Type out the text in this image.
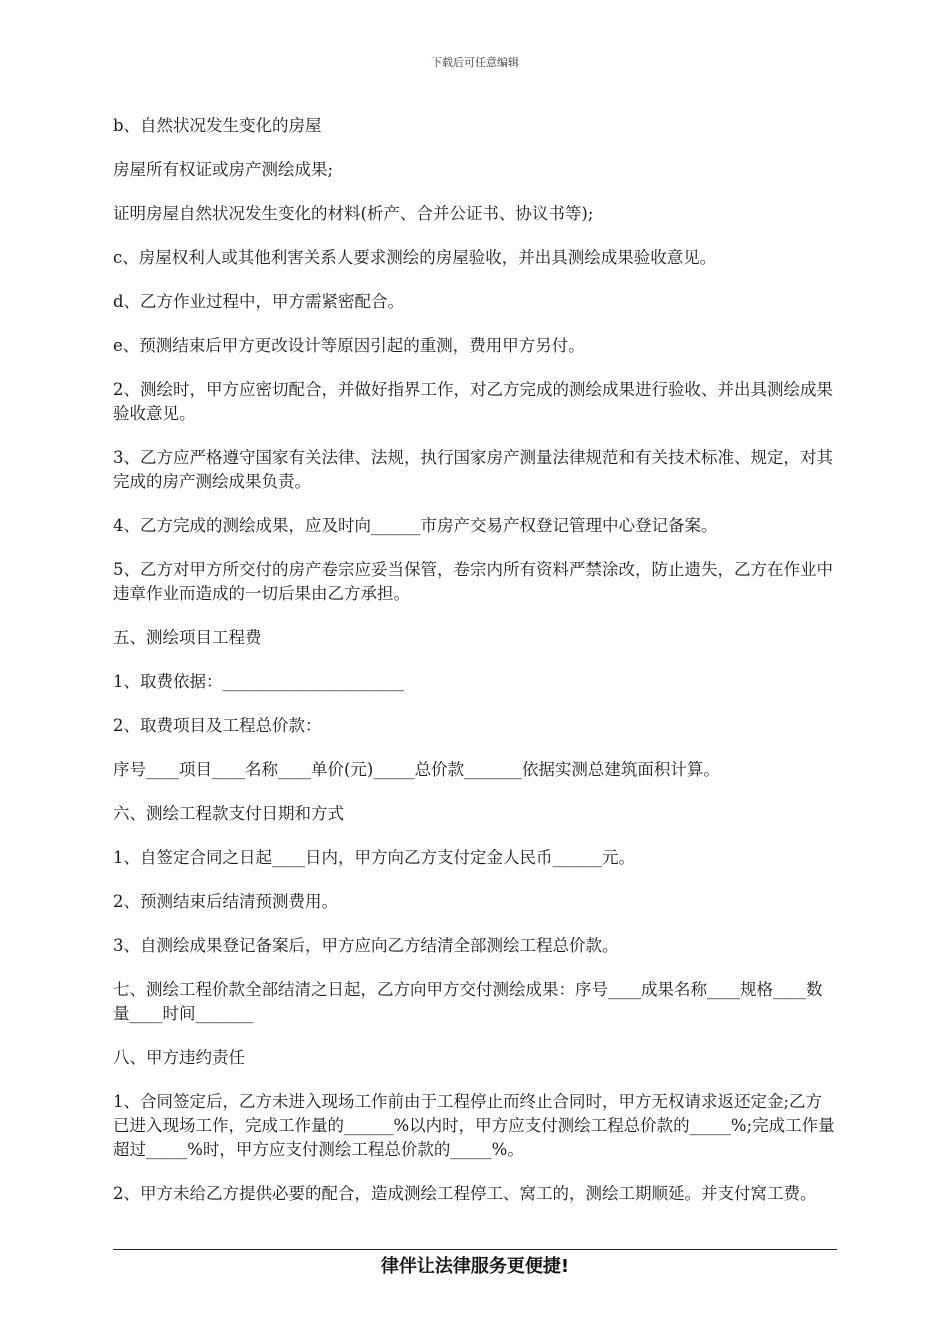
下载后可任意编辑

b、自然状况发生变化的房屋

房屋所有权证或房产测绘成果;

证明房屋自然状况发生变化的材料(析产、合并公证书、协议书等);

c、房屋权利人或其他利害关系人要求测绘的房屋验收，并出具测绘成果验收意见。

d、乙方作业过程中，甲方需紧密配合。

e、预测结束后甲方更改设计等原因引起的重测，费用甲方另付。

2、测绘时，甲方应密切配合，并做好指界工作，对乙方完成的测绘成果进行验收、并出具测绘成果验收意见。

3、乙方应严格遵守国家有关法律、法规，执行国家房产测量法律规范和有关技术标准、规定，对其完成的房产测绘成果负责。

4、乙方完成的测绘成果，应及时向______市房产交易产权登记管理中心登记备案。

5、乙方对甲方所交付的房产卷宗应妥当保管，卷宗内所有资料严禁涂改，防止遗失，乙方在作业中违章作业而造成的一切后果由乙方承担。

五、测绘项目工程费

1、取费依据：______________________

2、取费项目及工程总价款：

序号____项目____名称____单价(元)_____总价款_______依据实测总建筑面积计算。

六、测绘工程款支付日期和方式

1、自签定合同之日起____日内，甲方向乙方支付定金人民币______元。

2、预测结束后结清预测费用。

3、自测绘成果登记备案后，甲方应向乙方结清全部测绘工程总价款。

七、测绘工程价款全部结清之日起，乙方向甲方交付测绘成果：序号____成果名称____规格____数量____时间_______

八、甲方违约责任

1、合同签定后，乙方未进入现场工作前由于工程停止而终止合同时，甲方无权请求返还定金;乙方已进入现场工作，完成工作量的______%以内时，甲方应支付测绘工程总价款的_____%;完成工作量超过_____%时，甲方应支付测绘工程总价款的_____%。

2、甲方未给乙方提供必要的配合，造成测绘工程停工、窝工的，测绘工期顺延。并支付窝工费。

律伴让法律服务更便捷!
